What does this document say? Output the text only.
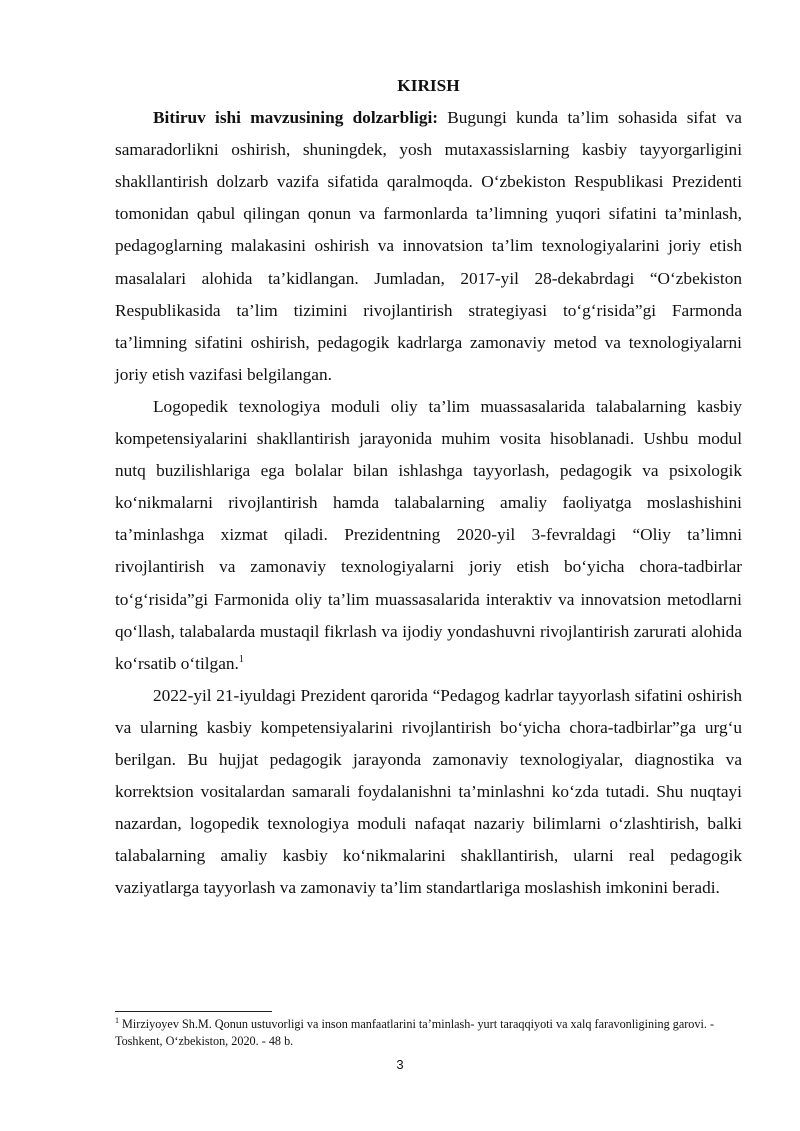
KIRISH

Bitiruv ishi mavzusining dolzarbligi: Bugungi kunda ta’lim sohasida sifat va samaradorlikni oshirish, shuningdek, yosh mutaxassislarning kasbiy tayyorgarligini shakllantirish dolzarb vazifa sifatida qaralmoqda. O‘zbekiston Respublikasi Prezidenti tomonidan qabul qilingan qonun va farmonlarda ta’limning yuqori sifatini ta’minlash, pedagoglarning malakasini oshirish va innovatsion ta’lim texnologiyalarini joriy etish masalalari alohida ta’kidlangan. Jumladan, 2017-yil 28-dekabrdagi “O‘zbekiston Respublikasida ta’lim tizimini rivojlantirish strategiyasi to‘g‘risida”gi Farmonda ta’limning sifatini oshirish, pedagogik kadrlarga zamonaviy metod va texnologiyalarni joriy etish vazifasi belgilangan.

Logopedik texnologiya moduli oliy ta’lim muassasalarida talabalarning kasbiy kompetensiyalarini shakllantirish jarayonida muhim vosita hisoblanadi. Ushbu modul nutq buzilishlariga ega bolalar bilan ishlashga tayyorlash, pedagogik va psixologik ko‘nikmalarni rivojlantirish hamda talabalarning amaliy faoliyatga moslashishini ta’minlashga xizmat qiladi. Prezidentning 2020-yil 3-fevraldagi “Oliy ta’limni rivojlantirish va zamonaviy texnologiyalarni joriy etish bo‘yicha chora-tadbirlar to‘g‘risida”gi Farmonida oliy ta’lim muassasalarida interaktiv va innovatsion metodlarni qo‘llash, talabalarda mustaqil fikrlash va ijodiy yondashuvni rivojlantirish zarurati alohida ko‘rsatib o‘tilgan.$^1$

2022-yil 21-iyuldagi Prezident qarorida “Pedagog kadrlar tayyorlash sifatini oshirish va ularning kasbiy kompetensiyalarini rivojlantirish bo‘yicha chora-tadbirlar”ga urg‘u berilgan. Bu hujjat pedagogik jarayonda zamonaviy texnologiyalar, diagnostika va korrektsion vositalardan samarali foydalanishni ta’minlashni ko‘zda tutadi. Shu nuqtayi nazardan, logopedik texnologiya moduli nafaqat nazariy bilimlarni o‘zlashtirish, balki talabalarning amaliy kasbiy ko‘nikmalarini shakllantirish, ularni real pedagogik vaziyatlarga tayyorlash va zamonaviy ta’lim standartlariga moslashish imkonini beradi.

$^1$ Mirziyoyev Sh.M. Qonun ustuvorligi va inson manfaatlarini ta’minlash- yurt taraqqiyoti va xalq faravonligining garovi. - Toshkent, O‘zbekiston, 2020. - 48 b.

3
